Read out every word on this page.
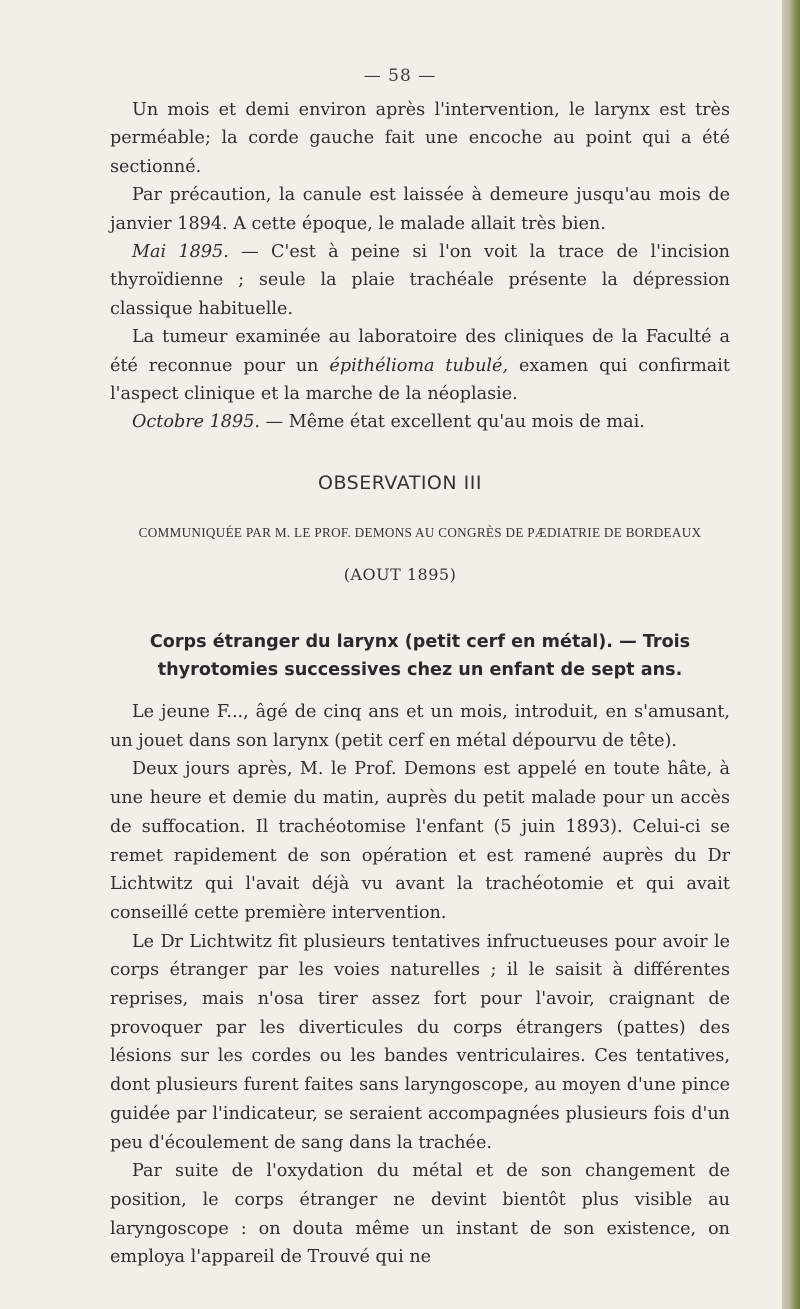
— 58 —

Un mois et demi environ après l'intervention, le larynx est très perméable; la corde gauche fait une encoche au point qui a été sectionné.

Par précaution, la canule est laissée à demeure jusqu'au mois de janvier 1894. A cette époque, le malade allait très bien.

Mai 1895. — C'est à peine si l'on voit la trace de l'incision thyroïdienne ; seule la plaie trachéale présente la dépression classique habituelle.

La tumeur examinée au laboratoire des cliniques de la Faculté a été reconnue pour un épithélioma tubulé, examen qui confirmait l'aspect clinique et la marche de la néoplasie.

Octobre 1895. — Même état excellent qu'au mois de mai.

OBSERVATION III
COMMUNIQUÉE PAR M. LE PROF. DEMONS AU CONGRÈS DE PÆDIATRIE DE BORDEAUX
(AOUT 1895)
Corps étranger du larynx (petit cerf en métal). — Trois thyrotomies successives chez un enfant de sept ans.

Le jeune F..., âgé de cinq ans et un mois, introduit, en s'amusant, un jouet dans son larynx (petit cerf en métal dépourvu de tête).

Deux jours après, M. le Prof. Demons est appelé en toute hâte, à une heure et demie du matin, auprès du petit malade pour un accès de suffocation. Il trachéotomise l'enfant (5 juin 1893). Celui-ci se remet rapidement de son opération et est ramené auprès du Dr Lichtwitz qui l'avait déjà vu avant la trachéotomie et qui avait conseillé cette première intervention.

Le Dr Lichtwitz fit plusieurs tentatives infructueuses pour avoir le corps étranger par les voies naturelles ; il le saisit à différentes reprises, mais n'osa tirer assez fort pour l'avoir, craignant de provoquer par les diverticules du corps étrangers (pattes) des lésions sur les cordes ou les bandes ventriculaires. Ces tentatives, dont plusieurs furent faites sans laryngoscope, au moyen d'une pince guidée par l'indicateur, se seraient accompagnées plusieurs fois d'un peu d'écoulement de sang dans la trachée.

Par suite de l'oxydation du métal et de son changement de position, le corps étranger ne devint bientôt plus visible au laryngoscope : on douta même un instant de son existence, on employa l'appareil de Trouvé qui ne
